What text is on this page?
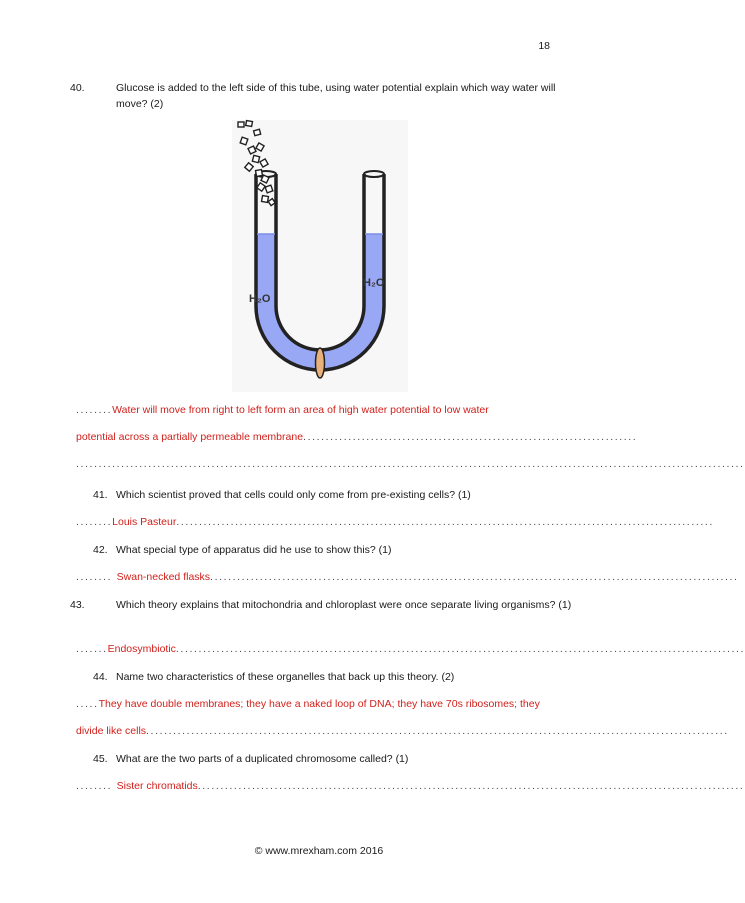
18
40.	Glucose is added to the left side of this tube, using water potential explain which way water will move? (2)
H₂O
H₂O
........Water will move from right to left form an area of high water potential to low water
potential across a partially permeable membrane..........................................................................
....................................................................................................................................................
41. Which scientist proved that cells could only come from pre-existing cells? (1)
........Louis Pasteur.......................................................................................................................
42. What special type of apparatus did he use to show this? (1)
........ Swan-necked flasks.....................................................................................................................
43.	Which theory explains that mitochondria and chloroplast were once separate living organisms? (1)
.......Endosymbiotic..............................................................................................................................
44. Name two characteristics of these organelles that back up this theory. (2)
.....They have double membranes; they have a naked loop of DNA; they have 70s ribosomes; they
divide like cells.................................................................................................................................
45. What are the two parts of a duplicated chromosome called? (1)
........ Sister chromatids.........................................................................................................................
© www.mrexham.com 2016
